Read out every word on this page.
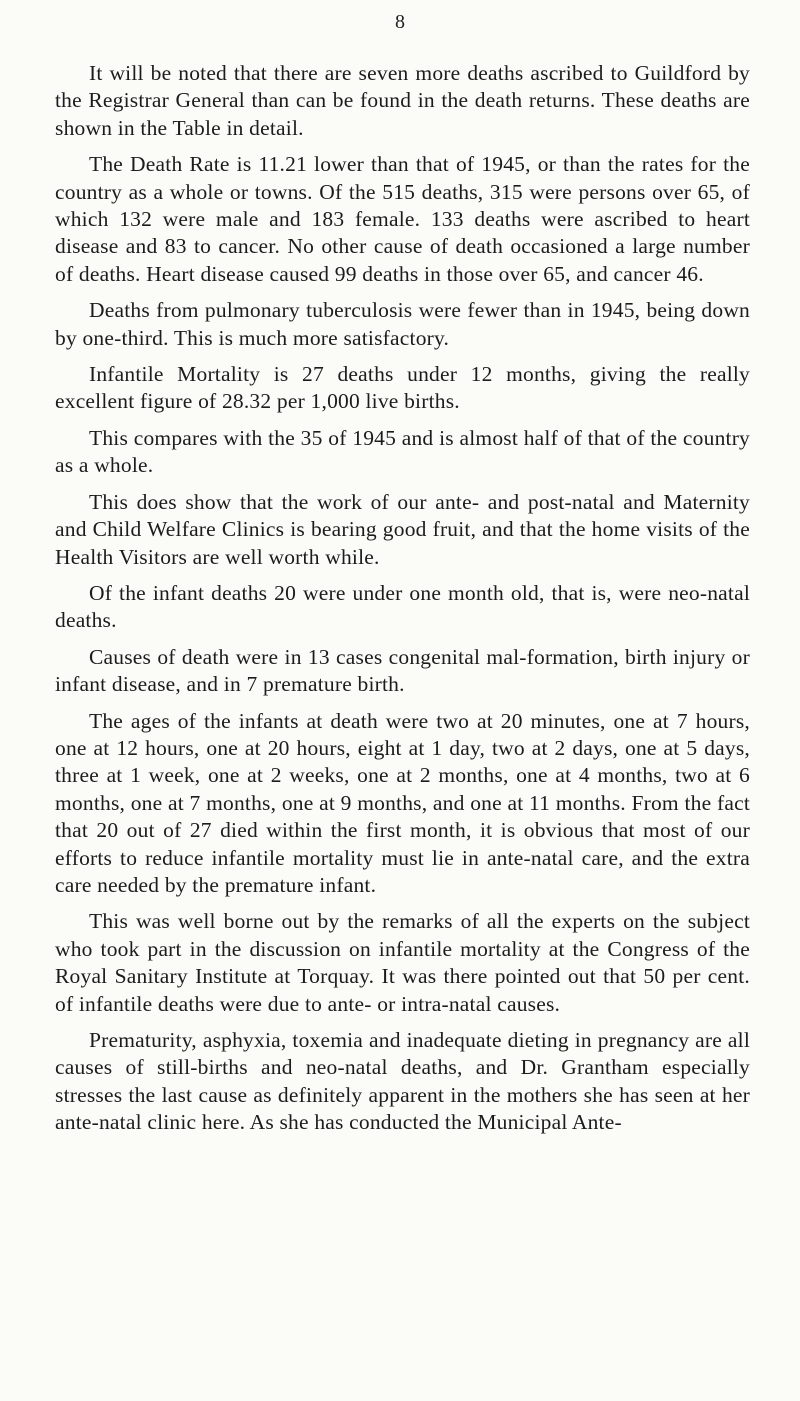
8

It will be noted that there are seven more deaths ascribed to Guildford by the Registrar General than can be found in the death returns. These deaths are shown in the Table in detail.

The Death Rate is 11.21 lower than that of 1945, or than the rates for the country as a whole or towns. Of the 515 deaths, 315 were persons over 65, of which 132 were male and 183 female. 133 deaths were ascribed to heart disease and 83 to cancer. No other cause of death occasioned a large number of deaths. Heart disease caused 99 deaths in those over 65, and cancer 46.

Deaths from pulmonary tuberculosis were fewer than in 1945, being down by one-third. This is much more satisfactory.

Infantile Mortality is 27 deaths under 12 months, giving the really excellent figure of 28.32 per 1,000 live births.

This compares with the 35 of 1945 and is almost half of that of the country as a whole.

This does show that the work of our ante- and post-natal and Maternity and Child Welfare Clinics is bearing good fruit, and that the home visits of the Health Visitors are well worth while.

Of the infant deaths 20 were under one month old, that is, were neo-natal deaths.

Causes of death were in 13 cases congenital mal-formation, birth injury or infant disease, and in 7 premature birth.

The ages of the infants at death were two at 20 minutes, one at 7 hours, one at 12 hours, one at 20 hours, eight at 1 day, two at 2 days, one at 5 days, three at 1 week, one at 2 weeks, one at 2 months, one at 4 months, two at 6 months, one at 7 months, one at 9 months, and one at 11 months. From the fact that 20 out of 27 died within the first month, it is obvious that most of our efforts to reduce infantile mortality must lie in ante-natal care, and the extra care needed by the premature infant.

This was well borne out by the remarks of all the experts on the subject who took part in the discussion on infantile mortality at the Congress of the Royal Sanitary Institute at Torquay. It was there pointed out that 50 per cent. of infantile deaths were due to ante- or intra-natal causes.

Prematurity, asphyxia, toxemia and inadequate dieting in pregnancy are all causes of still-births and neo-natal deaths, and Dr. Grantham especially stresses the last cause as definitely apparent in the mothers she has seen at her ante-natal clinic here. As she has conducted the Municipal Ante-
